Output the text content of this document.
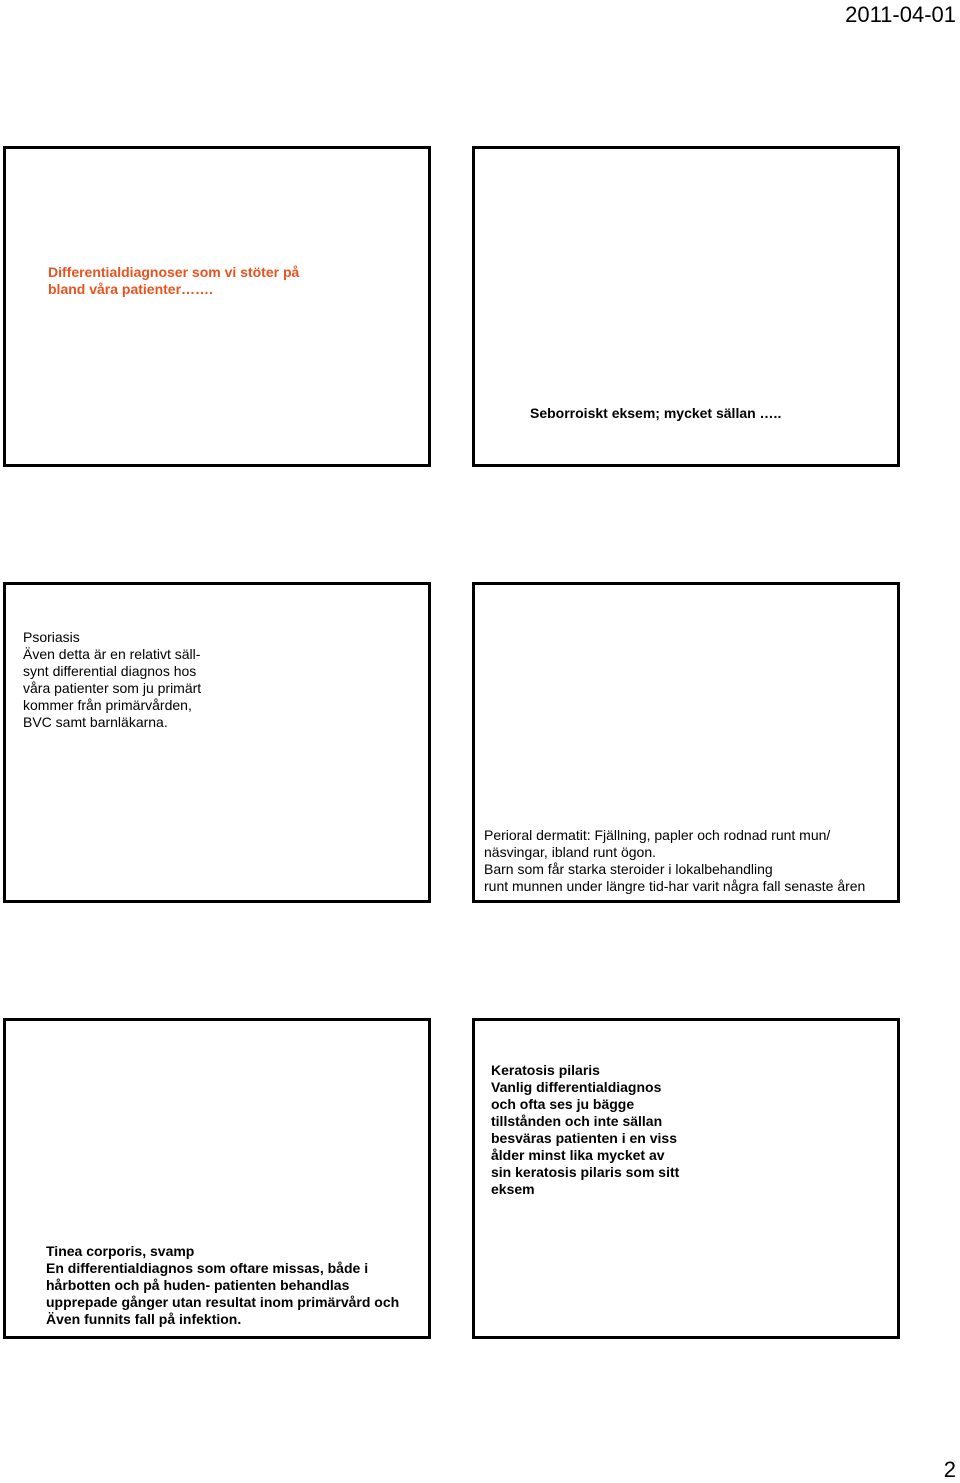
2011-04-01
Differentialdiagnoser som vi stöter på
bland våra patienter…….
Seborroiskt eksem; mycket sällan …..
Psoriasis
Även detta är en relativt säll-
synt differential diagnos hos
våra patienter som ju primärt
kommer från primärvården,
BVC samt barnläkarna.
Perioral dermatit: Fjällning, papler och rodnad runt mun/
näsvingar, ibland runt ögon.
Barn som får starka steroider i lokalbehandling
runt munnen under längre tid-har varit några fall senaste åren
Tinea corporis, svamp
En differentialdiagnos som oftare missas, både i
hårbotten och på huden- patienten behandlas
upprepade gånger utan resultat inom primärvård och
Även funnits fall på infektion.
Keratosis pilaris
Vanlig differentialdiagnos
och ofta ses ju bägge
tillstånden och inte sällan
besväras patienten i en viss
ålder minst lika mycket av
sin keratosis pilaris som sitt
eksem
2
